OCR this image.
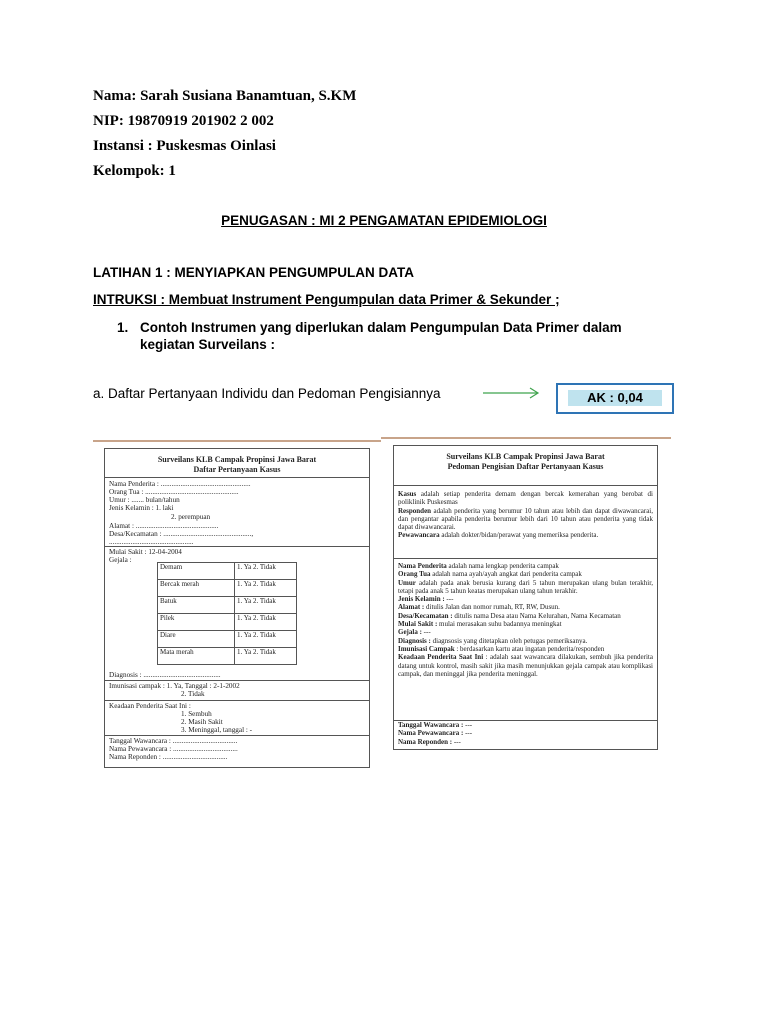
Nama: Sarah Susiana Banamtuan, S.KM
NIP: 19870919 201902 2 002
Instansi : Puskesmas Oinlasi
Kelompok: 1
PENUGASAN : MI 2 PENGAMATAN EPIDEMIOLOGI
LATIHAN 1 : MENYIAPKAN PENGUMPULAN DATA
INTRUKSI : Membuat Instrument Pengumpulan data Primer & Sekunder ;
1. Contoh Instrumen yang diperlukan dalam Pengumpulan Data Primer dalam kegiatan Surveilans :
a. Daftar Pertanyaan Individu dan Pedoman Pengisiannya	AK : 0,04
Surveilans KLB Campak Propinsi Jawa Barat
Daftar Pertanyaan Kasus
Nama Penderita : ..................................................
Orang Tua : ....................................................
Umur : ....... bulan/tahun
Jenis Kelamin : 1. laki
2. perempuan
Alamat : ..............................................
Desa/Kecamatan : .................................................,
...............................................
Mulai Sakit : 12-04-2004
Gejala :
Demam	1. Ya 2. Tidak
Bercak merah	1. Ya 2. Tidak
Batuk	1. Ya 2. Tidak
Pilek	1. Ya 2. Tidak
Diare	1. Ya 2. Tidak
Mata merah	1. Ya 2. Tidak
Diagnosis : ...........................................
Imunisasi campak : 1. Ya, Tanggal : 2-1-2002
2. Tidak
Keadaan Penderita Saat Ini :
1. Sembuh
2. Masih Sakit
3. Meninggal, tanggal : -
Tanggal Wawancara : ....................................
Nama Pewawancara : ....................................
Nama Reponden : ....................................
Surveilans KLB Campak Propinsi Jawa Barat
Pedoman Pengisian Daftar Pertanyaan Kasus
Kasus adalah setiap penderita demam dengan bercak kemerahan yang berobat di poliklinik Puskesmas
Responden adalah penderita yang berumur 10 tahun atau lebih dan dapat diwawancarai, dan pengantar apabila penderita berumur lebih dari 10 tahun atau penderita yang tidak dapat diwawancarai.
Pewawancara adalah dokter/bidan/perawat yang memeriksa penderita.
Nama Penderita adalah nama lengkap penderita campak
Orang Tua adalah nama ayah/ayah angkat dari penderita campak
Umur adalah pada anak berusia kurang dari 5 tahun merupakan ulang bulan terakhir, tetapi pada anak 5 tahun keatas merupakan ulang tahun terakhir.
Jenis Kelamin : ---
Alamat : ditulis Jalan dan nomor rumah, RT, RW, Dusun.
Desa/Kecamatan : ditulis nama Desa atau Nama Kelurahan, Nama Kecamatan
Mulai Sakit : mulai merasakan suhu badannya meningkat
Gejala : ---
Diagnosis : diagnsosis yang ditetapkan oleh petugas pemeriksanya.
Imunisasi Campak : berdasarkan kartu atau ingatan penderita/responden
Keadaan Penderita Saat Ini : adalah saat wawancara dilakukan, sembuh jika penderita datang untuk kontrol, masih sakit jika masih menunjukkan gejala campak atau komplikasi campak, dan meninggal jika penderita meninggal.
Tanggal Wawancara : ---
Nama Pewawancara : ---
Nama Reponden : ---
